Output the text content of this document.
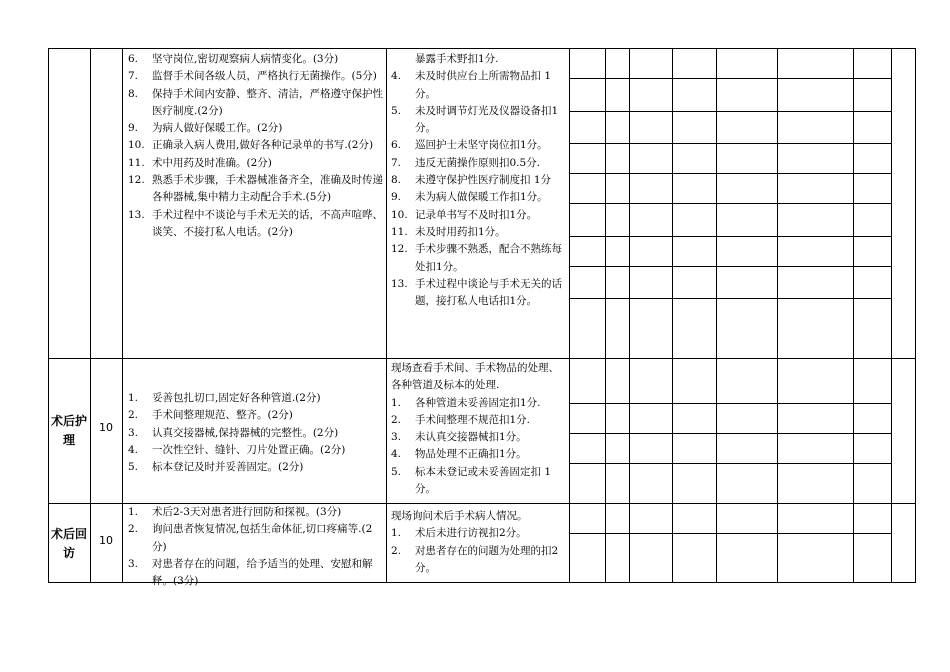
6. 坚守岗位,密切观察病人病情变化。(3分)
7. 监督手术间各级人员，严格执行无菌操作。(5分)
8. 保持手术间内安静、整齐、清洁，严格遵守保护性医疗制度.(2分)
9. 为病人做好保暖工作。(2分)
10. 正确录入病人费用,做好各种记录单的书写.(2分)
11. 术中用药及时准确。(2分)
12. 熟悉手术步骤，手术器械准备齐全，准确及时传递各种器械,集中精力主动配合手术.(5分)
13. 手术过程中不谈论与手术无关的话，不高声喧哗、谈笑、不接打私人电话。(2分)

暴露手术野扣1分.
4. 未及时供应台上所需物品扣 1分。
5. 未及时调节灯光及仪器设备扣1分。
6. 巡回护士未坚守岗位扣1分。
7. 违反无菌操作原则扣0.5分.
8. 未遵守保护性医疗制度扣 1分
9. 未为病人做保暖工作扣1分。
10. 记录单书写不及时扣1分。
11. 未及时用药扣1分。
12. 手术步骤不熟悉，配合不熟练每处扣1分。
13. 手术过程中谈论与手术无关的话题，接打私人电话扣1分。
术后护理
10
1. 妥善包扎切口,固定好各种管道.(2分)
2. 手术间整理规范、整齐。(2分)
3. 认真交接器械,保持器械的完整性。(2分)
4. 一次性空针、缝针、刀片处置正确。(2分)
5. 标本登记及时并妥善固定。(2分)

现场查看手术间、手术物品的处理、各种管道及标本的处理.

1. 各种管道未妥善固定扣1分.
2. 手术间整理不规范扣1分.
3. 未认真交接器械扣1分。
4. 物品处理不正确扣1分。
5. 标本未登记或未妥善固定扣 1分。
术后回访
10
1. 术后2-3天对患者进行回防和探视。(3分)
2. 询问患者恢复情况,包括生命体征,切口疼痛等.(2分)
3. 对患者存在的问题，给予适当的处理、安慰和解释。(3分)

现场询问术后手术病人情况。

1. 术后未进行访视扣2分。
2. 对患者存在的问题为处理的扣2分。
